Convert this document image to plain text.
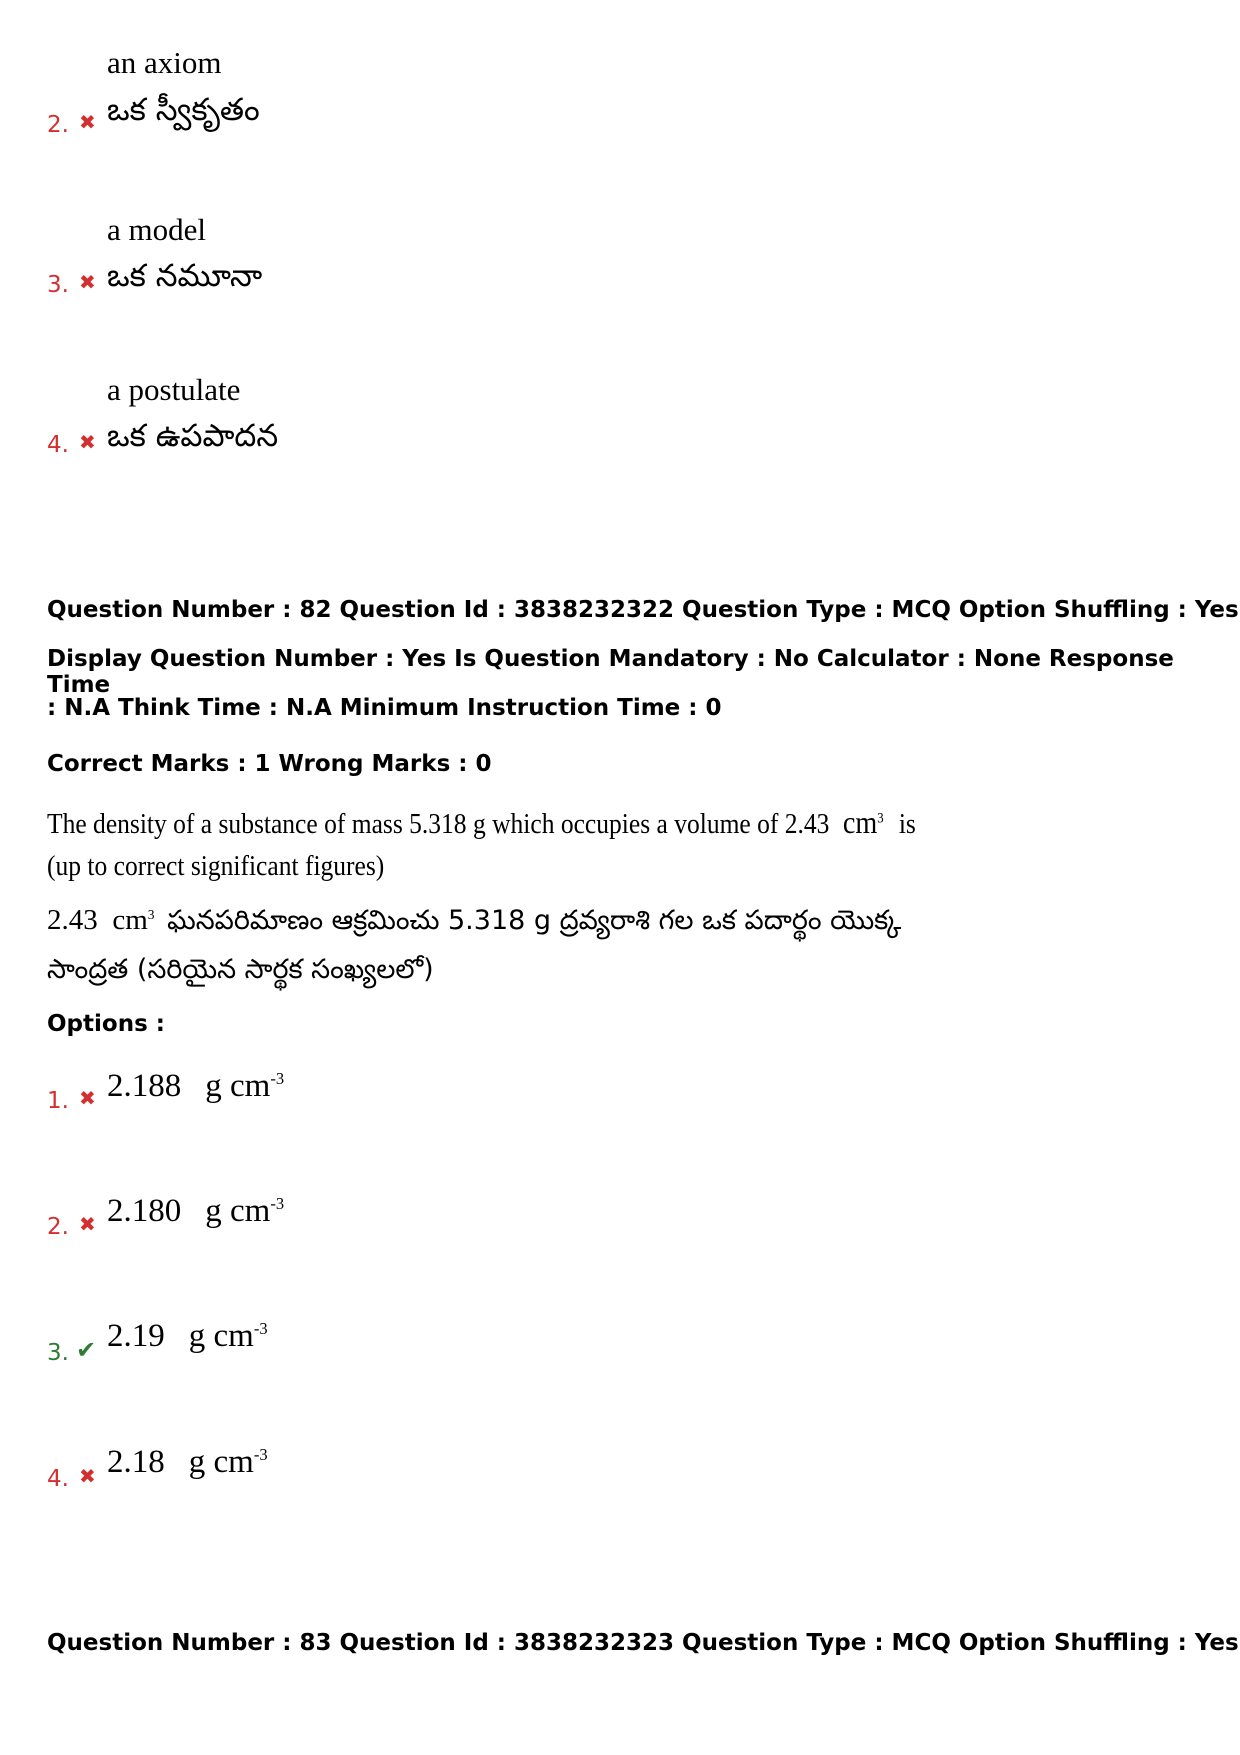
an axiom
2. ✖ ఒక స్వీకృతం
a model
3. ✖ ఒక నమూనా
a postulate
4. ✖ ఒక ఉపపాదన
Question Number : 82 Question Id : 3838232322 Question Type : MCQ Option Shuffling : Yes
Display Question Number : Yes Is Question Mandatory : No Calculator : None Response Time
: N.A Think Time : N.A Minimum Instruction Time : 0
Correct Marks : 1 Wrong Marks : 0
The density of a substance of mass 5.318 g which occupies a volume of 2.43 $cm^3$ is
(up to correct significant figures)
2.43 $cm^3$ ఘనపరిమాణం ఆక్రమించు 5.318 g ద్రవ్యరాశి గల ఒక పదార్థం యొక్క
సాంద్రత (సరియైన సార్థక సంఖ్యలలో)
Options :
1. ✖ 2.188 g $cm^{-3}$
2. ✖ 2.180 g $cm^{-3}$
3. ✔ 2.19 g $cm^{-3}$
4. ✖ 2.18 g $cm^{-3}$
Question Number : 83 Question Id : 3838232323 Question Type : MCQ Option Shuffling : Yes
